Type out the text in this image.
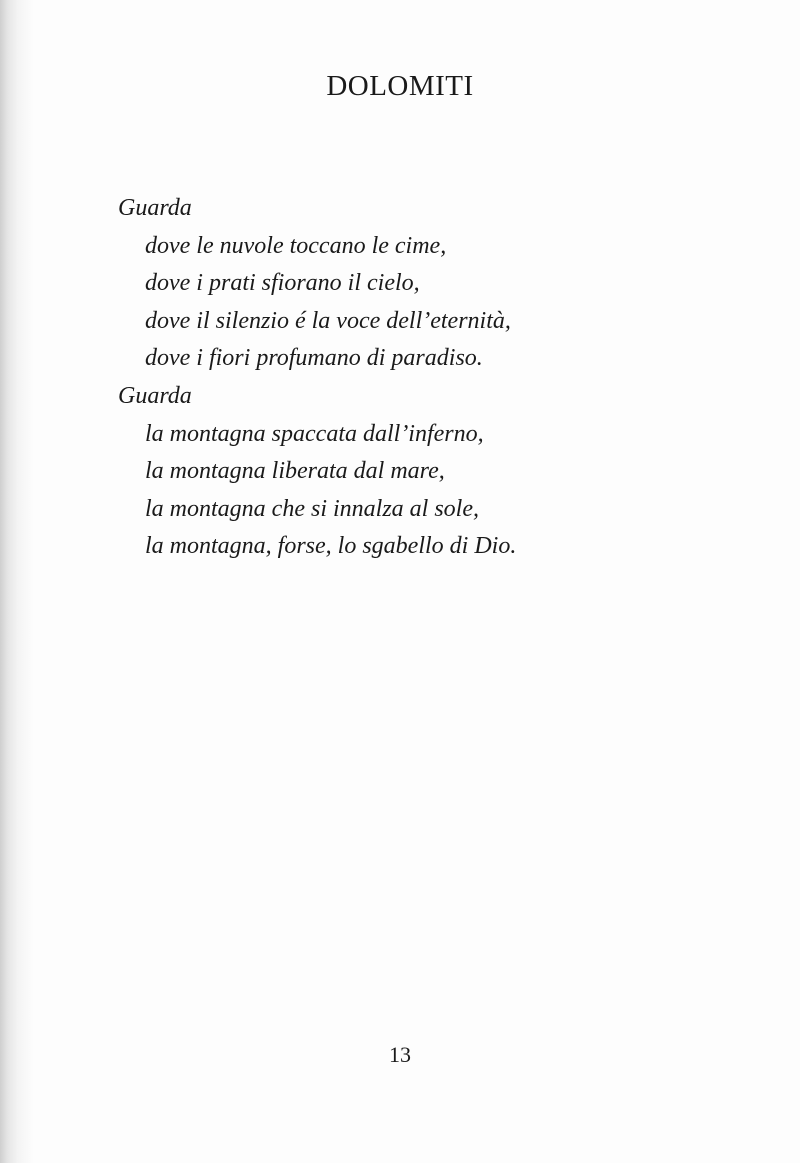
DOLOMITI
Guarda
dove le nuvole toccano le cime,
dove i prati sfiorano il cielo,
dove il silenzio é la voce dell’eternità,
dove i fiori profumano di paradiso.
Guarda
la montagna spaccata dall’inferno,
la montagna liberata dal mare,
la montagna che si innalza al sole,
la montagna, forse, lo sgabello di Dio.
13
